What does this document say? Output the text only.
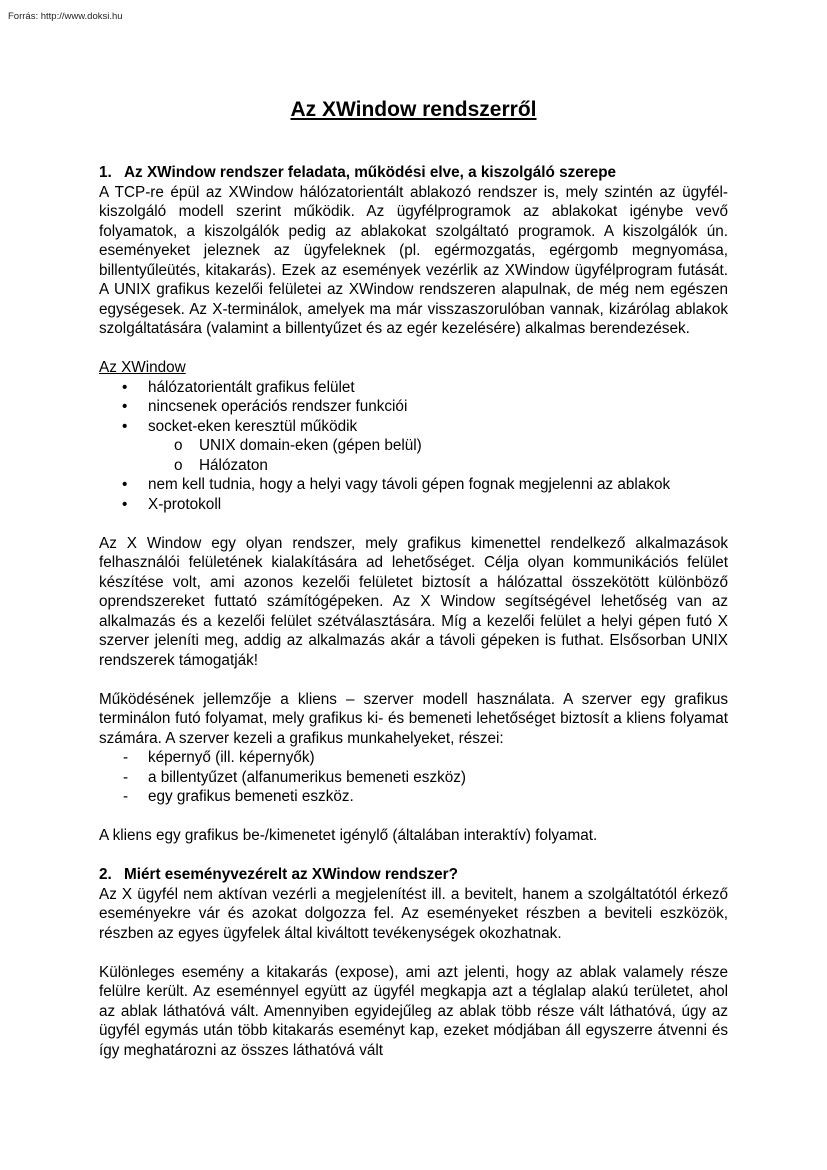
Forrás: http://www.doksi.hu
Az XWindow rendszerről
1. Az XWindow rendszer feladata, működési elve, a kiszolgáló szerepe

A TCP-re épül az XWindow hálózatorientált ablakozó rendszer is, mely szintén az ügyfél-kiszolgáló modell szerint működik. Az ügyfélprogramok az ablakokat igénybe vevő folyamatok, a kiszolgálók pedig az ablakokat szolgáltató programok. A kiszolgálók ún. eseményeket jeleznek az ügyfeleknek (pl. egérmozgatás, egérgomb megnyomása, billentyűleütés, kitakarás). Ezek az események vezérlik az XWindow ügyfélprogram futását. A UNIX grafikus kezelői felületei az XWindow rendszeren alapulnak, de még nem egészen egységesek. Az X-terminálok, amelyek ma már visszaszorulóban vannak, kizárólag ablakok szolgáltatására (valamint a billentyűzet és az egér kezelésére) alkalmas berendezések.

Az XWindow

• hálózatorientált grafikus felület
• nincsenek operációs rendszer funkciói
• socket-eken keresztül működik
o UNIX domain-eken (gépen belül)
o Hálózaton
• nem kell tudnia, hogy a helyi vagy távoli gépen fognak megjelenni az ablakok
• X-protokoll

Az X Window egy olyan rendszer, mely grafikus kimenettel rendelkező alkalmazások felhasználói felületének kialakítására ad lehetőséget. Célja olyan kommunikációs felület készítése volt, ami azonos kezelői felületet biztosít a hálózattal összekötött különböző oprendszereket futtató számítógépeken. Az X Window segítségével lehetőség van az alkalmazás és a kezelői felület szétválasztására. Míg a kezelői felület a helyi gépen futó X szerver jeleníti meg, addig az alkalmazás akár a távoli gépeken is futhat. Elsősorban UNIX rendszerek támogatják!

Működésének jellemzője a kliens – szerver modell használata. A szerver egy grafikus terminálon futó folyamat, mely grafikus ki- és bemeneti lehetőséget biztosít a kliens folyamat számára. A szerver kezeli a grafikus munkahelyeket, részei:

- képernyő (ill. képernyők)
- a billentyűzet (alfanumerikus bemeneti eszköz)
- egy grafikus bemeneti eszköz.

A kliens egy grafikus be-/kimenetet igénylő (általában interaktív) folyamat.

2. Miért eseményvezérelt az XWindow rendszer?

Az X ügyfél nem aktívan vezérli a megjelenítést ill. a bevitelt, hanem a szolgáltatótól érkező eseményekre vár és azokat dolgozza fel. Az eseményeket részben a beviteli eszközök, részben az egyes ügyfelek által kiváltott tevékenységek okozhatnak.

Különleges esemény a kitakarás (expose), ami azt jelenti, hogy az ablak valamely része felülre került. Az eseménnyel együtt az ügyfél megkapja azt a téglalap alakú területet, ahol az ablak láthatóvá vált. Amennyiben egyidejűleg az ablak több része vált láthatóvá, úgy az ügyfél egymás után több kitakarás eseményt kap, ezeket módjában áll egyszerre átvenni és így meghatározni az összes láthatóvá vált
